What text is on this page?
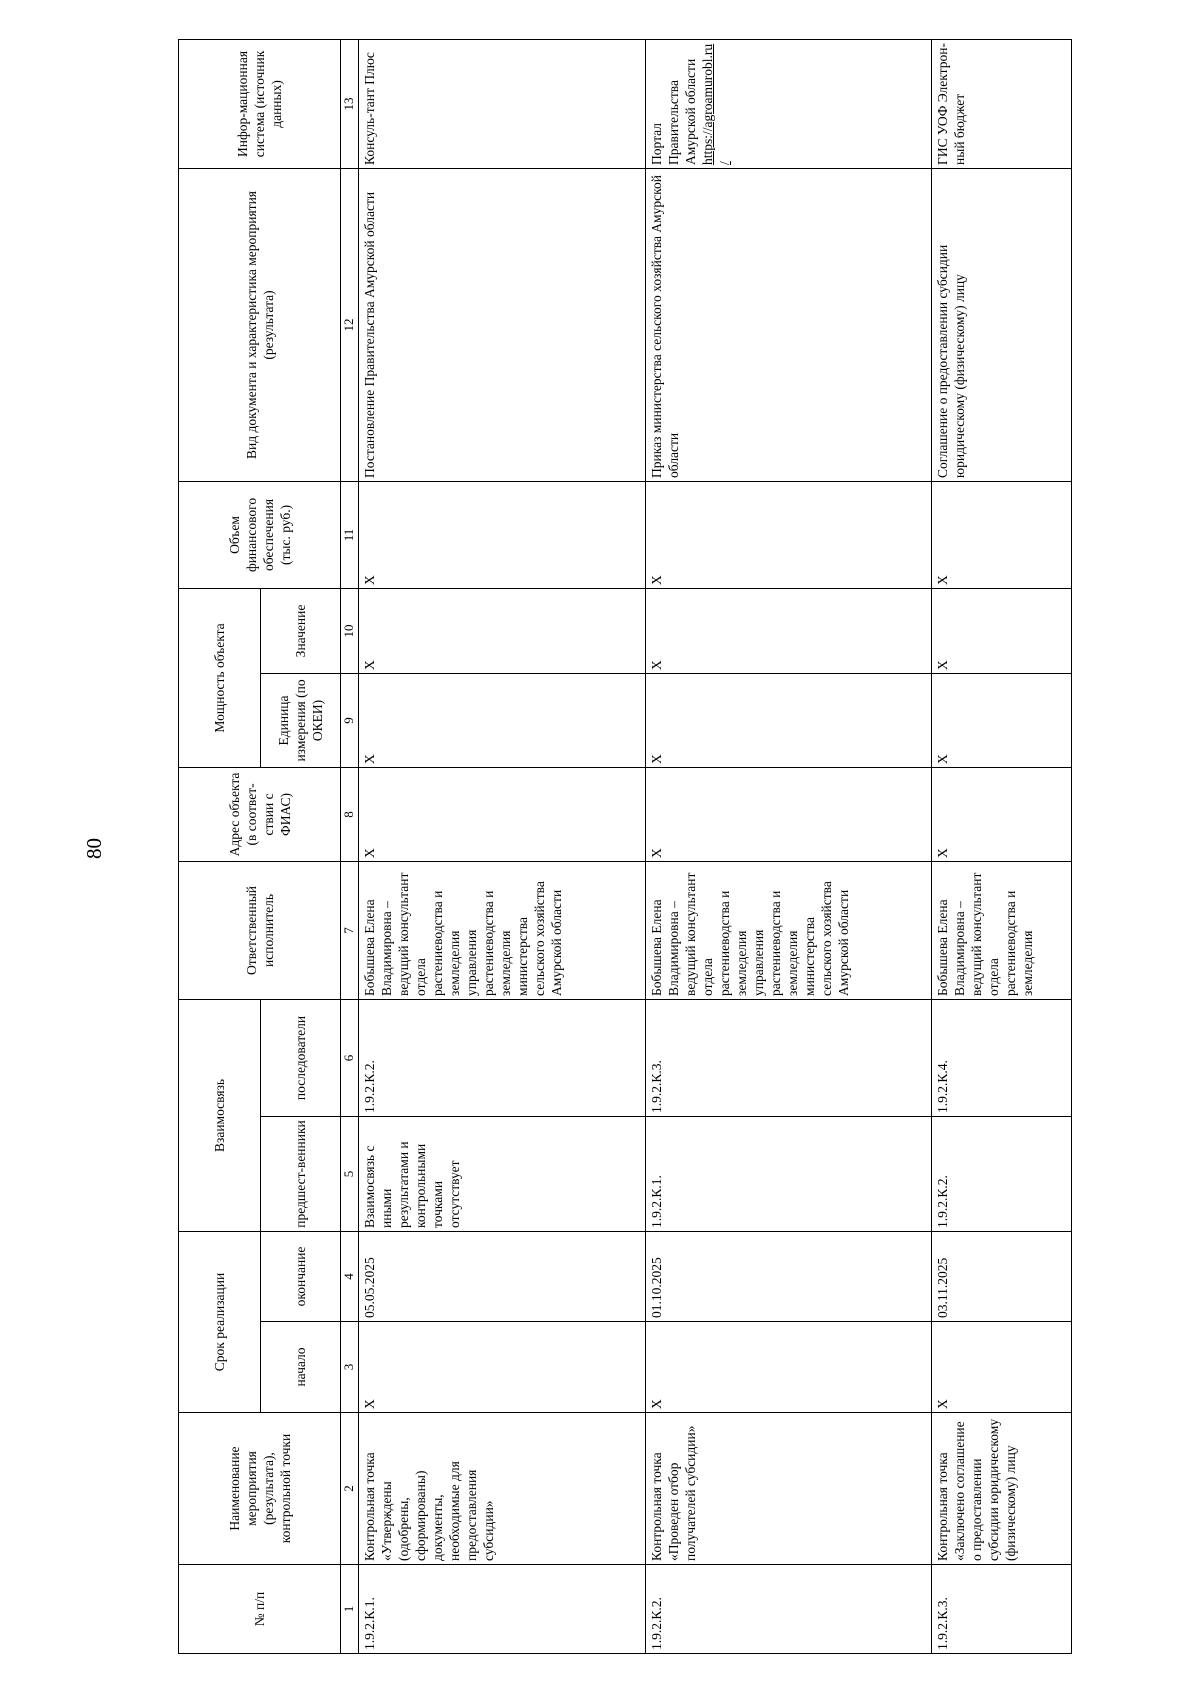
80
№ п/п	Наименование мероприятия (результата), контрольной точки	Срок реализации		Взаимосвязь		Ответственный исполнитель	Адрес объекта (в соответ-ствии с ФИАС)	Мощность объекта		Объем финансового обеспечения (тыс. руб.)	Вид документа и характеристика мероприятия (результата)	Инфор-мационная система (источник данных)
		начало	окончание	предшест-венники	последователи			Единица измерения (по ОКЕИ)	Значение			
1	2	3	4	5	6	7	8	9	10	11	12	13
1.9.2.К.1.	Контрольная точка «Утверждены (одобрены, сформированы) документы, необходимые для предоставления субсидии»	X	05.05.2025	Взаимосвязь с иными результатами и контрольными точками отсутствует	1.9.2.К.2.	Бобышева Елена Владимировна – ведущий консультант отдела растениеводства и земледелия управления растениеводства и земледелия министерства сельского хозяйства Амурской области	X	X	X	X	Постановление Правительства Амурской области	Консуль-тант Плюс
1.9.2.К.2.	Контрольная точка «Проведен отбор получателей субсидии»	X	01.10.2025	1.9.2.К.1.	1.9.2.К.3.	Бобышева Елена Владимировна – ведущий консультант отдела растениеводства и земледелия управления растениеводства и земледелия министерства сельского хозяйства Амурской области	X	X	X	X	Приказ министерства сельского хозяйства Амурской области	Портал Правительства Амурской области https://agroamurobl.ru/
1.9.2.К.3.	Контрольная точка «Заключено соглашение о предоставлении субсидии юридическому (физическому) лицу	X	03.11.2025	1.9.2.К.2.	1.9.2.К.4.	Бобышева Елена Владимировна – ведущий консультант отдела растениеводства и земледелия	X	X	X	X	Соглашение о предоставлении субсидии юридическому (физическому) лицу	ГИС УОФ Электрон-ный бюджет
